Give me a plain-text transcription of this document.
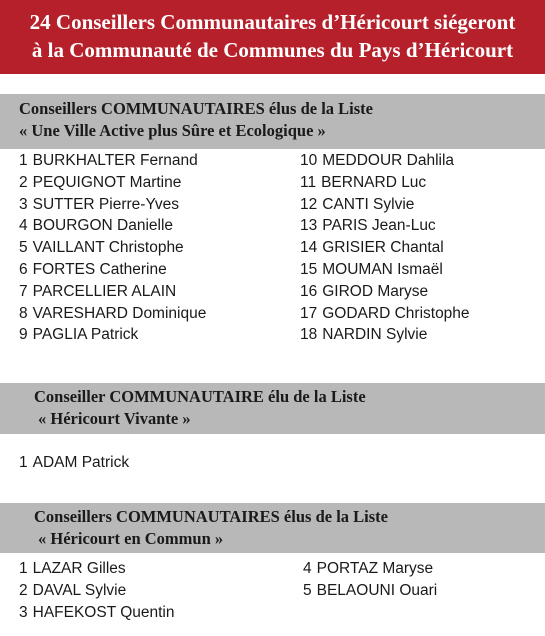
24 Conseillers Communautaires d’Héricourt siégeront
à la Communauté de Communes du Pays d’Héricourt
Conseillers COMMUNAUTAIRES élus de la Liste
« Une Ville Active plus Sûre et Ecologique »
1 BURKHALTER Fernand
2 PEQUIGNOT Martine
3 SUTTER Pierre-Yves
4 BOURGON Danielle
5 VAILLANT Christophe
6 FORTES Catherine
7 PARCELLIER ALAIN
8 VARESHARD Dominique
9 PAGLIA Patrick
10 MEDDOUR Dahlila
11 BERNARD Luc
12 CANTI Sylvie
13 PARIS Jean-Luc
14 GRISIER Chantal
15 MOUMAN Ismaël
16 GIROD Maryse
17 GODARD Christophe
18 NARDIN Sylvie
Conseiller COMMUNAUTAIRE élu de la Liste
« Héricourt Vivante »
1 ADAM Patrick
Conseillers COMMUNAUTAIRES élus de la Liste
« Héricourt en Commun »
1 LAZAR Gilles
2 DAVAL Sylvie
3 HAFEKOST Quentin
4 PORTAZ Maryse
5 BELAOUNI Ouari
